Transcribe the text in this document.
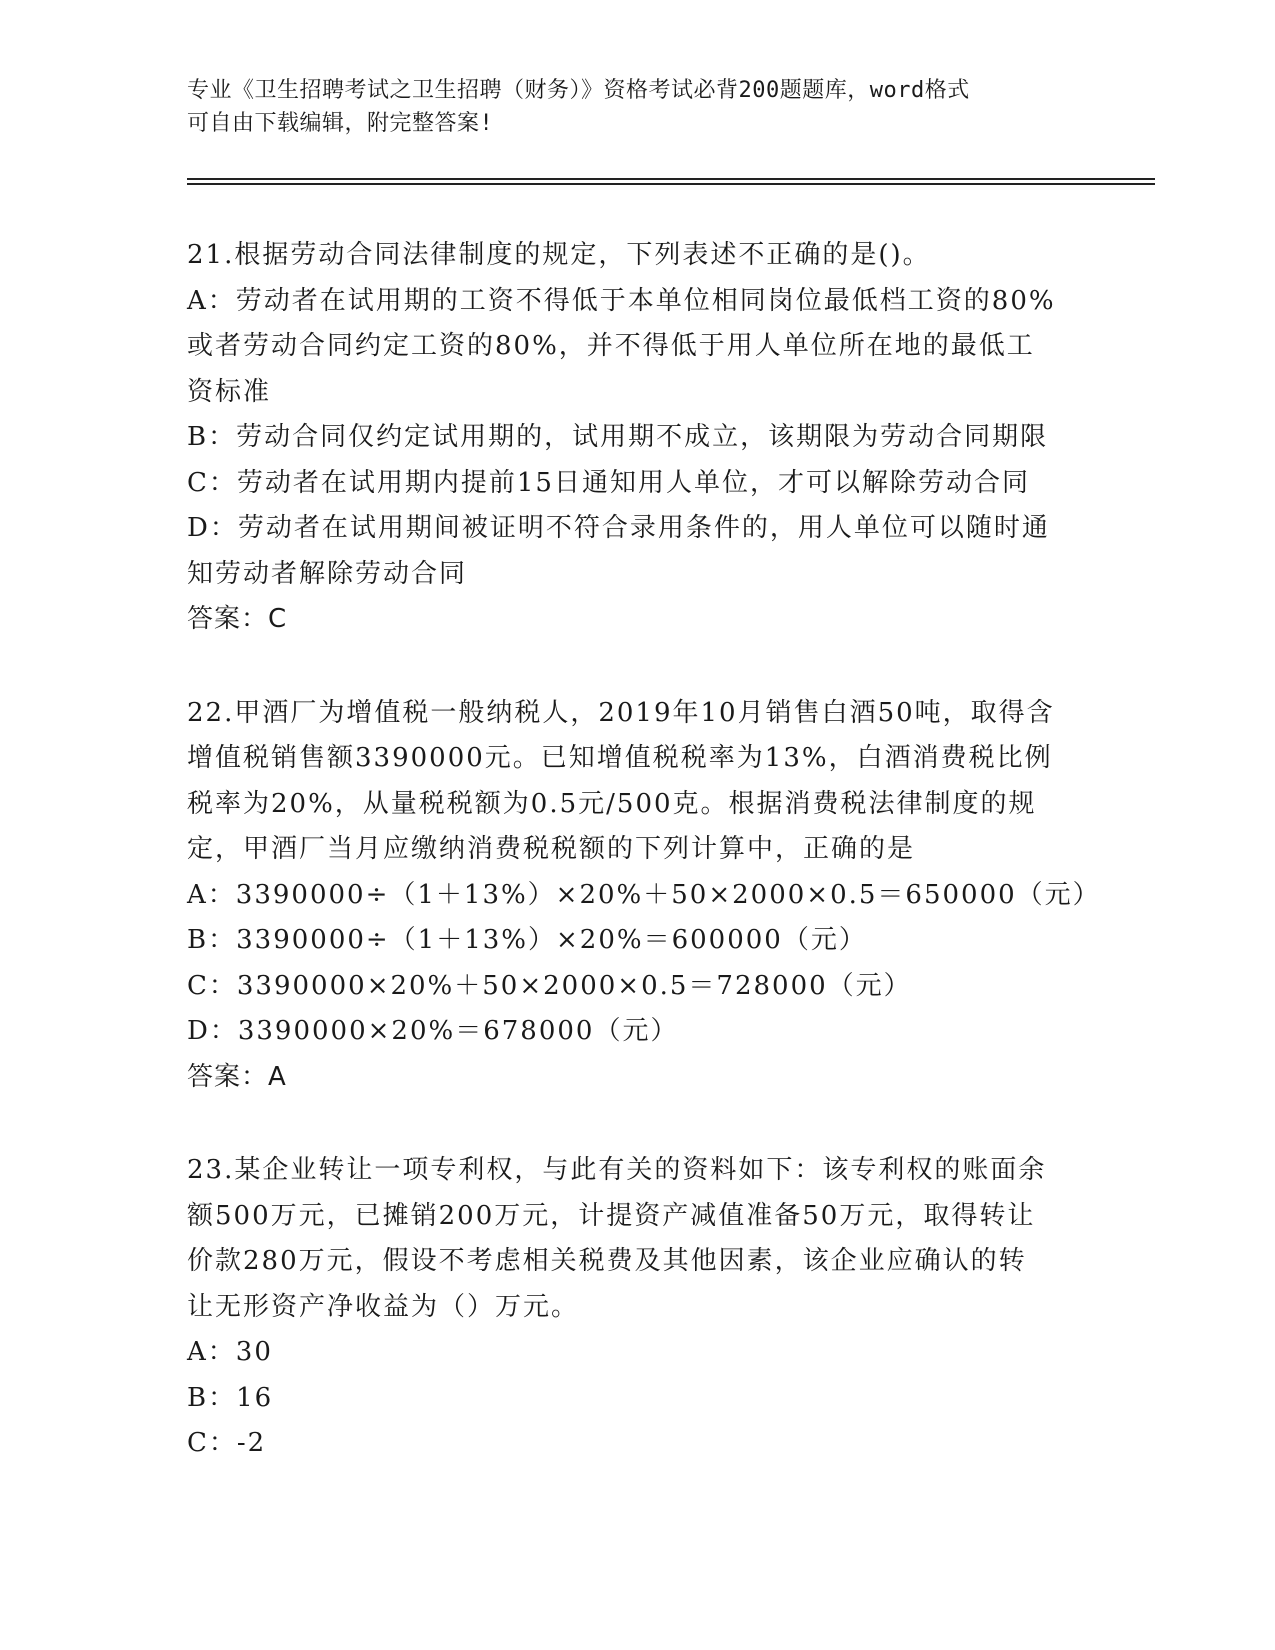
专业《卫生招聘考试之卫生招聘（财务）》资格考试必背200题题库，word格式
可自由下载编辑，附完整答案!
21.根据劳动合同法律制度的规定，下列表述不正确的是()。
A：劳动者在试用期的工资不得低于本单位相同岗位最低档工资的80%
或者劳动合同约定工资的80%，并不得低于用人单位所在地的最低工
资标准
B：劳动合同仅约定试用期的，试用期不成立，该期限为劳动合同期限
C：劳动者在试用期内提前15日通知用人单位，才可以解除劳动合同
D：劳动者在试用期间被证明不符合录用条件的，用人单位可以随时通
知劳动者解除劳动合同
答案：C
22.甲酒厂为增值税一般纳税人，2019年10月销售白酒50吨，取得含
增值税销售额3390000元。已知增值税税率为13%，白酒消费税比例
税率为20%，从量税税额为0.5元/500克。根据消费税法律制度的规
定，甲酒厂当月应缴纳消费税税额的下列计算中，正确的是
A：3390000÷（1＋13%）×20%＋50×2000×0.5＝650000（元）
B：3390000÷（1＋13%）×20%＝600000（元）
C：3390000×20%＋50×2000×0.5＝728000（元）
D：3390000×20%＝678000（元）
答案：A
23.某企业转让一项专利权，与此有关的资料如下：该专利权的账面余
额500万元，已摊销200万元，计提资产减值准备50万元，取得转让
价款280万元，假设不考虑相关税费及其他因素，该企业应确认的转
让无形资产净收益为（）万元。
A：30
B：16
C：-2
